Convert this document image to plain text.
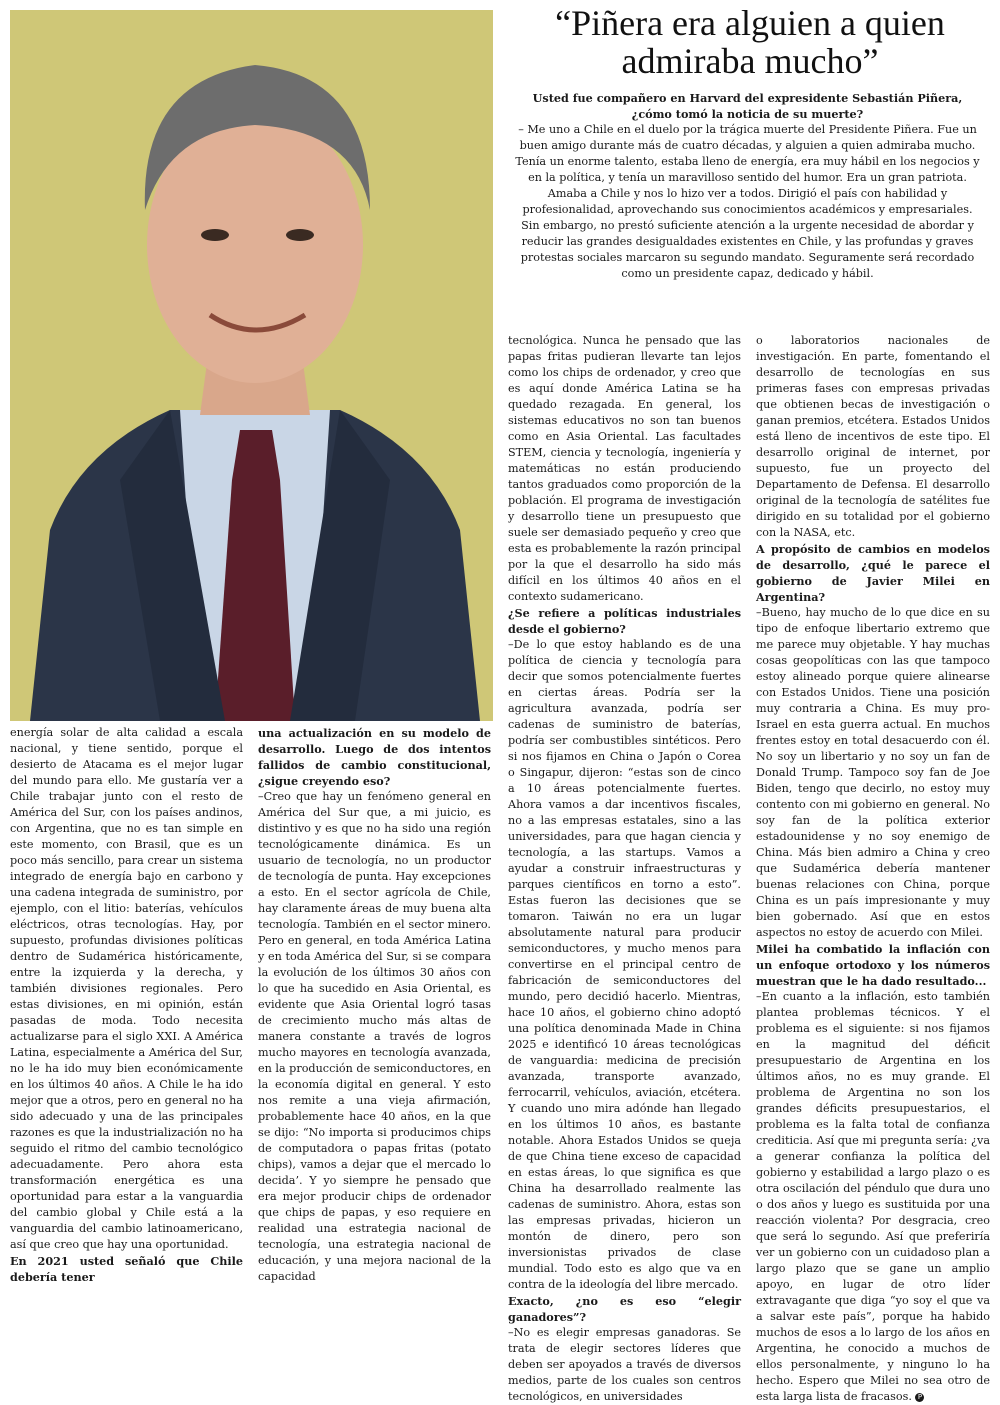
“Piñera era alguien a quien admiraba mucho”
Usted fue compañero en Harvard del expresidente Sebastián Piñera, ¿cómo tomó la noticia de su muerte?
– Me uno a Chile en el duelo por la trágica muerte del Presidente Piñera. Fue un buen amigo durante más de cuatro décadas, y alguien a quien admiraba mucho. Tenía un enorme talento, estaba lleno de energía, era muy hábil en los negocios y en la política, y tenía un maravilloso sentido del humor. Era un gran patriota. Amaba a Chile y nos lo hizo ver a todos. Dirigió el país con habilidad y profesionalidad, aprovechando sus conocimientos académicos y empresariales. Sin embargo, no prestó suficiente atención a la urgente necesidad de abordar y reducir las grandes desigualdades existentes en Chile, y las profundas y graves protestas sociales marcaron su segundo mandato. Seguramente será recordado como un presidente capaz, dedicado y hábil.

energía solar de alta calidad a escala nacional, y tiene sentido, porque el desierto de Atacama es el mejor lugar del mundo para ello. Me gustaría ver a Chile trabajar junto con el resto de América del Sur, con los países andinos, con Argentina, que no es tan simple en este momento, con Brasil, que es un poco más sencillo, para crear un sistema integrado de energía bajo en carbono y una cadena integrada de suministro, por ejemplo, con el litio: baterías, vehículos eléctricos, otras tecnologías. Hay, por supuesto, profundas divisiones políticas dentro de Sudamérica históricamente, entre la izquierda y la derecha, y también divisiones regionales. Pero estas divisiones, en mi opinión, están pasadas de moda. Todo necesita actualizarse para el siglo XXI. A América Latina, especialmente a América del Sur, no le ha ido muy bien económicamente en los últimos 40 años. A Chile le ha ido mejor que a otros, pero en general no ha sido adecuado y una de las principales razones es que la industrialización no ha seguido el ritmo del cambio tecnológico adecuadamente. Pero ahora esta transformación energética es una oportunidad para estar a la vanguardia del cambio global y Chile está a la vanguardia del cambio latinoamericano, así que creo que hay una oportunidad.

En 2021 usted señaló que Chile debería tener

una actualización en su modelo de desarrollo. Luego de dos intentos fallidos de cambio constitucional, ¿sigue creyendo eso?

–Creo que hay un fenómeno general en América del Sur que, a mi juicio, es distintivo y es que no ha sido una región tecnológicamente dinámica. Es un usuario de tecnología, no un productor de tecnología de punta. Hay excepciones a esto. En el sector agrícola de Chile, hay claramente áreas de muy buena alta tecnología. También en el sector minero. Pero en general, en toda América Latina y en toda América del Sur, si se compara la evolución de los últimos 30 años con lo que ha sucedido en Asia Oriental, es evidente que Asia Oriental logró tasas de crecimiento mucho más altas de manera constante a través de logros mucho mayores en tecnología avanzada, en la producción de semiconductores, en la economía digital en general. Y esto nos remite a una vieja afirmación, probablemente hace 40 años, en la que se dijo: “No importa si producimos chips de computadora o papas fritas (potato chips), vamos a dejar que el mercado lo decida’. Y yo siempre he pensado que era mejor producir chips de ordenador que chips de papas, y eso requiere en realidad una estrategia nacional de tecnología, una estrategia nacional de educación, y una mejora nacional de la capacidad

tecnológica. Nunca he pensado que las papas fritas pudieran llevarte tan lejos como los chips de ordenador, y creo que es aquí donde América Latina se ha quedado rezagada. En general, los sistemas educativos no son tan buenos como en Asia Oriental. Las facultades STEM, ciencia y tecnología, ingeniería y matemáticas no están produciendo tantos graduados como proporción de la población. El programa de investigación y desarrollo tiene un presupuesto que suele ser demasiado pequeño y creo que esta es probablemente la razón principal por la que el desarrollo ha sido más difícil en los últimos 40 años en el contexto sudamericano.

¿Se refiere a políticas industriales desde el gobierno?

–De lo que estoy hablando es de una política de ciencia y tecnología para decir que somos potencialmente fuertes en ciertas áreas. Podría ser la agricultura avanzada, podría ser cadenas de suministro de baterías, podría ser combustibles sintéticos. Pero si nos fijamos en China o Japón o Corea o Singapur, dijeron: “estas son de cinco a 10 áreas potencialmente fuertes. Ahora vamos a dar incentivos fiscales, no a las empresas estatales, sino a las universidades, para que hagan ciencia y tecnología, a las startups. Vamos a ayudar a construir infraestructuras y parques científicos en torno a esto”. Estas fueron las decisiones que se tomaron. Taiwán no era un lugar absolutamente natural para producir semiconductores, y mucho menos para convertirse en el principal centro de fabricación de semiconductores del mundo, pero decidió hacerlo. Mientras, hace 10 años, el gobierno chino adoptó una política denominada Made in China 2025 e identificó 10 áreas tecnológicas de vanguardia: medicina de precisión avanzada, transporte avanzado, ferrocarril, vehículos, aviación, etcétera. Y cuando uno mira adónde han llegado en los últimos 10 años, es bastante notable. Ahora Estados Unidos se queja de que China tiene exceso de capacidad en estas áreas, lo que significa es que China ha desarrollado realmente las cadenas de suministro. Ahora, estas son las empresas privadas, hicieron un montón de dinero, pero son inversionistas privados de clase mundial. Todo esto es algo que va en contra de la ideología del libre mercado.

Exacto, ¿no es eso “elegir ganadores”?

–No es elegir empresas ganadoras. Se trata de elegir sectores líderes que deben ser apoyados a través de diversos medios, parte de los cuales son centros tecnológicos, en universidades

o laboratorios nacionales de investigación. En parte, fomentando el desarrollo de tecnologías en sus primeras fases con empresas privadas que obtienen becas de investigación o ganan premios, etcétera. Estados Unidos está lleno de incentivos de este tipo. El desarrollo original de internet, por supuesto, fue un proyecto del Departamento de Defensa. El desarrollo original de la tecnología de satélites fue dirigido en su totalidad por el gobierno con la NASA, etc.

A propósito de cambios en modelos de desarrollo, ¿qué le parece el gobierno de Javier Milei en Argentina?

–Bueno, hay mucho de lo que dice en su tipo de enfoque libertario extremo que me parece muy objetable. Y hay muchas cosas geopolíticas con las que tampoco estoy alineado porque quiere alinearse con Estados Unidos. Tiene una posición muy contraria a China. Es muy pro-Israel en esta guerra actual. En muchos frentes estoy en total desacuerdo con él. No soy un libertario y no soy un fan de Donald Trump. Tampoco soy fan de Joe Biden, tengo que decirlo, no estoy muy contento con mi gobierno en general. No soy fan de la política exterior estadounidense y no soy enemigo de China. Más bien admiro a China y creo que Sudamérica debería mantener buenas relaciones con China, porque China es un país impresionante y muy bien gobernado. Así que en estos aspectos no estoy de acuerdo con Milei.

Milei ha combatido la inflación con un enfoque ortodoxo y los números muestran que le ha dado resultado...

–En cuanto a la inflación, esto también plantea problemas técnicos. Y el problema es el siguiente: si nos fijamos en la magnitud del déficit presupuestario de Argentina en los últimos años, no es muy grande. El problema de Argentina no son los grandes déficits presupuestarios, el problema es la falta total de confianza crediticia. Así que mi pregunta sería: ¿va a generar confianza la política del gobierno y estabilidad a largo plazo o es otra oscilación del péndulo que dura uno o dos años y luego es sustituida por una reacción violenta? Por desgracia, creo que será lo segundo. Así que preferiría ver un gobierno con un cuidadoso plan a largo plazo que se gane un amplio apoyo, en lugar de otro líder extravagante que diga “yo soy el que va a salvar este país”, porque ha habido muchos de esos a lo largo de los años en Argentina, he conocido a muchos de ellos personalmente, y ninguno lo ha hecho. Espero que Milei no sea otro de esta larga lista de fracasos. P
